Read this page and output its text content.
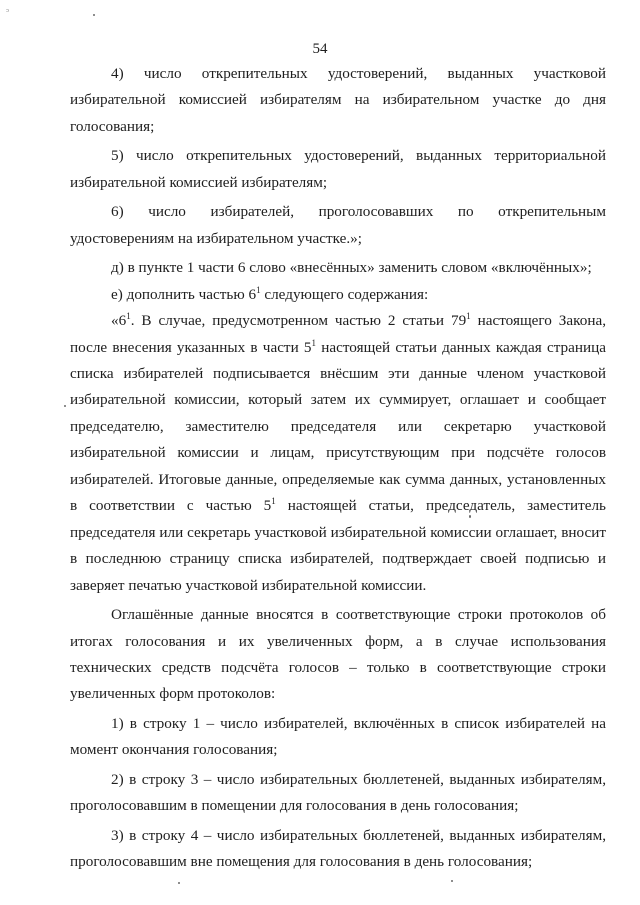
ᵓ
54

4) число открепительных удостоверений, выданных участковой избирательной комиссией избирателям на избирательном участке до дня голосования;

5) число открепительных удостоверений, выданных территориальной избирательной комиссией избирателям;

6) число избирателей, проголосовавших по открепительным удостоверениям на избирательном участке.»;

д) в пункте 1 части 6 слово «внесённых» заменить словом «включённых»;

е) дополнить частью $6^1$ следующего содержания:

«$6^1$. В случае, предусмотренном частью 2 статьи $79^1$ настоящего Закона, после внесения указанных в части $5^1$ настоящей статьи данных каждая страница списка избирателей подписывается внёсшим эти данные членом участковой избирательной комиссии, который затем их суммирует, оглашает и сообщает председателю, заместителю председателя или секретарю участковой избирательной комиссии и лицам, присутствующим при подсчёте голосов избирателей. Итоговые данные, определяемые как сумма данных, установленных в соответствии с частью $5^1$ настоящей статьи, председатель, заместитель председателя или секретарь участковой избирательной комиссии оглашает, вносит в последнюю страницу списка избирателей, подтверждает своей подписью и заверяет печатью участковой избирательной комиссии.

Оглашённые данные вносятся в соответствующие строки протоколов об итогах голосования и их увеличенных форм, а в случае использования технических средств подсчёта голосов – только в соответствующие строки увеличенных форм протоколов:

1) в строку 1 – число избирателей, включённых в список избирателей на момент окончания голосования;

2) в строку 3 – число избирательных бюллетеней, выданных избирателям, проголосовавшим в помещении для голосования в день голосования;

3) в строку 4 – число избирательных бюллетеней, выданных избирателям, проголосовавшим вне помещения для голосования в день голосования;
